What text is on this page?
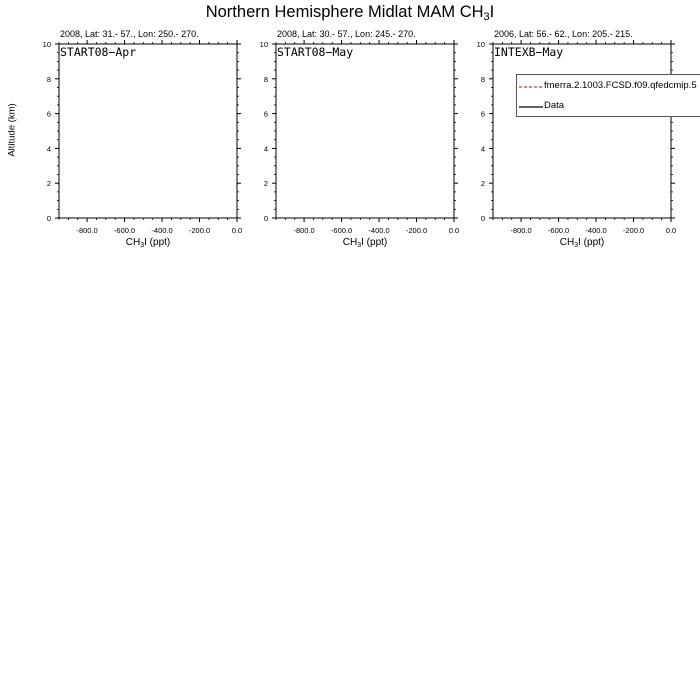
Northern Hemisphere Midlat MAM $CH_3I$
Altitude (km)
2008, Lat: 31.- 57., Lon: 250.- 270.
0
2
4
6
8
10
-800.0 -600.0 -400.0 -200.0	0.0
START08−Apr
$CH_3I$ (ppt)
2008, Lat: 30.- 57., Lon: 245.- 270.
0
2
4
6
8
10
-800.0 -600.0 -400.0 -200.0	0.0
START08−May
$CH_3I$ (ppt)
2006, Lat: 56.- 62., Lon: 205.- 215.
0
2
4
6
8
10
-800.0 -600.0 -400.0 -200.0	0.0
INTEXB−May
$CH_3I$ (ppt)
fmerra.2.1003.FCSD.f09.qfedcmip.5
Data
